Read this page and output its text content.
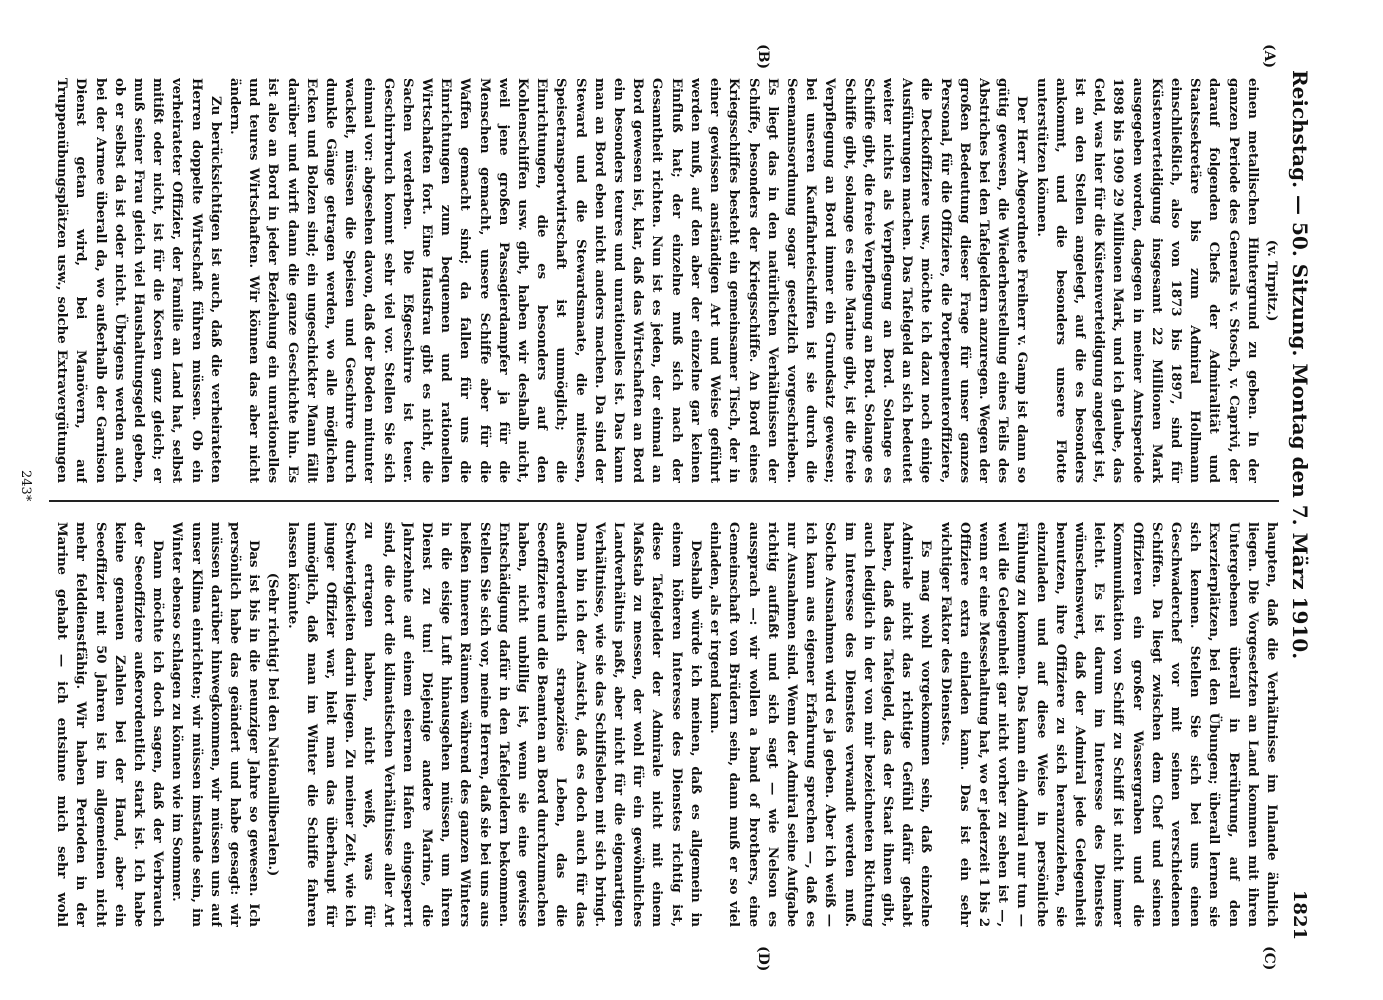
Reichstag. — 50. Sitzung. Montag den 7. März 1910.
1821
(A)
(B)
(C)
(D)

(v. Tirpitz.)

einen metallischen Hintergrund zu geben. In der ganzen Periode des Generals v. Stosch, v. Caprivi, der darauf folgenden Chefs der Admiralität und Staatssekretäre bis zum Admiral Hollmann einschließlich, also von 1873 bis 1897, sind für Küstenverteidigung insgesamt 22 Millionen Mark ausgegeben worden, dagegen in meiner Amtsperiode 1898 bis 1909 29 Millionen Mark, und ich glaube, das Geld, was hier für die Küstenverteidigung angelegt ist, ist an den Stellen angelegt, auf die es besonders ankommt, und die besonders unsere Flotte unterstützen können.

Der Herr Abgeordnete Freiherr v. Gamp ist dann so gütig gewesen, die Wiederherstellung eines Teils des Abstriches bei den Tafelgeldern anzuregen. Wegen der großen Bedeutung dieser Frage für unser ganzes Personal, für die Offiziere, die Portepeeunteroffiziere, die Deckoffiziere usw., möchte ich dazu noch einige Ausführungen machen. Das Tafelgeld an sich bedeutet weiter nichts als Verpflegung an Bord. Solange es Schiffe gibt, die freie Verpflegung an Bord. Solange es Schiffe gibt, solange es eine Marine gibt, ist die freie Verpflegung an Bord immer ein Grundsatz gewesen; bei unseren Kauffahrteischiffen ist sie durch die Seemannsordnung sogar gesetzlich vorgeschrieben. Es liegt das in den natürlichen Verhältnissen der Schiffe, besonders der Kriegsschiffe. An Bord eines Kriegsschiffes besteht ein gemeinsamer Tisch, der in einer gewissen anständigen Art und Weise geführt werden muß, auf den aber der einzelne gar keinen Einfluß hat; der einzelne muß sich nach der Gesamtheit richten. Nun ist es jeden, der einmal an Bord gewesen ist, klar, daß das Wirtschaften an Bord ein besonders teures und unrationelles ist. Das kann man an Bord eben nicht anders machen. Da sind der Steward und die Stewardsmaate, die mitessen, Speisetransportwirtschaft ist unmöglich; die Einrichtungen, die es besonders auf den Kohlenschiffen usw. gibt, haben wir deshalb nicht, weil jene großen Passagierdampfer ja für die Menschen gemacht, unsere Schiffe aber für die Waffen gemacht sind; da fallen für uns die Einrichtungen zum bequemen und rationellen Wirtschaften fort. Eine Hausfrau gibt es nicht, die Sachen verderben. Die Eßgeschirre ist teuer. Geschirrbruch kommt sehr viel vor. Stellen Sie sich einmal vor: abgesehen davon, daß der Boden mitunter wackelt, müssen die Speisen und Geschirre durch dunkle Gänge getragen werden, wo alle möglichen Ecken und Bolzen sind; ein ungeschickter Mann fällt darüber und wirft dann die ganze Geschichte hin. Es ist also an Bord in jeder Beziehung ein unrationelles und teures Wirtschaften. Wir können das aber nicht ändern.

Zu berücksichtigen ist auch, daß die verheirateten Herren doppelte Wirtschaft führen müssen. Ob ein verheirateter Offizier, der Familie an Land hat, selbst mitißt oder nicht, ist für die Kosten ganz gleich; er muß seiner Frau gleich viel Haushaltungsgeld geben, ob er selbst da ist oder nicht. Übrigens werden auch bei der Armee überall da, wo außerhalb der Garnison Dienst getan wird, bei Manövern, auf Truppenübungsplätzen usw., solche Extravergütungen

haupten, daß die Verhältnisse im Inlande ähnlich liegen. Die Vorgesetzten an Land kommen mit ihren Untergebenen überall in Berührung, auf den Exerzierplätzen, bei den Übungen; überall lernen sie sich kennen. Stellen Sie sich bei uns einen Geschwaderchef vor mit seinen verschiedenen Schiffen. Da liegt zwischen dem Chef und seinen Offizieren ein großer Wassergraben und die Kommunikation von Schiff zu Schiff ist nicht immer leicht. Es ist darum im Interesse des Dienstes wünschenswert, daß der Admiral jede Gelegenheit benutzen, ihre Offiziere zu sich heranzuziehen, sie einzuladen und auf diese Weise in persönliche Fühlung zu kommen. Das kann ein Admiral nur tun — weil die Gelegenheit gar nicht vorher zu sehen ist —, wenn er eine Messehaltung hat, wo er jederzeit 1 bis 2 Offiziere extra einladen kann. Das ist ein sehr wichtiger Faktor des Dienstes.

Es mag wohl vorgekommen sein, daß einzelne Admirale nicht das richtige Gefühl dafür gehabt haben, daß das Tafelgeld, das der Staat ihnen gibt, auch lediglich in der von mir bezeichneten Richtung im Interesse des Dienstes verwandt werden muß. Solche Ausnahmen wird es ja geben. Aber ich weiß — ich kann aus eigener Erfahrung sprechen —, daß es nur Ausnahmen sind. Wenn der Admiral seine Aufgabe richtig auffaßt und sich sagt — wie Nelson es aussprach —: wir wollen a band of brothers, eine Gemeinschaft von Brüdern sein, dann muß er so viel einladen, als er irgend kann.

Deshalb würde ich meinen, daß es allgemein in einem höheren Interesse des Dienstes richtig ist, diese Tafelgelder der Admirale nicht mit einem Maßstab zu messen, der wohl für ein gewöhnliches Landverhältnis paßt, aber nicht für die eigenartigen Verhältnisse, wie sie das Schiffsleben mit sich bringt. Dann bin ich der Ansicht, daß es doch auch für das außerordentlich strapaziöse Leben, das die Seeoffiziere und die Beamten an Bord durchzumachen haben, nicht unbillig ist, wenn sie eine gewisse Entschädigung dafür in den Tafelgeldern bekommen. Stellen Sie sich vor, meine Herren, daß sie bei uns aus heißen inneren Räumen während des ganzen Winters in die eisige Luft hinausgehen müssen, um ihren Dienst zu tun! Diejenige andere Marine, die Jahrzehnte auf einem eisernen Hafen eingesperrt sind, die dort die klimatischen Verhältnisse aller Art zu ertragen haben, nicht weiß, was für Schwierigkeiten darin liegen. Zu meiner Zeit, wie ich junger Offizier war, hielt man das überhaupt für unmöglich, daß man im Winter die Schiffe fahren lassen könnte.

(Sehr richtig! bei den Nationalliberalen.)

Das ist bis in die neunziger Jahre so gewesen. Ich persönlich habe das geändert und habe gesagt: wir müssen darüber hinwegkommen, wir müssen uns auf unser Klima einrichten; wir müssen imstande sein, im Winter ebenso schlagen zu können wie im Sommer.

Dann möchte ich doch sagen, daß der Verbrauch der Seeoffiziere außerordentlich stark ist. Ich habe keine genauen Zahlen bei der Hand, aber ein Seeoffizier mit 50 Jahren ist im allgemeinen nicht mehr felddienstfähig. Wir haben Perioden in der Marine gehabt — ich entsinne mich sehr wohl

243*
